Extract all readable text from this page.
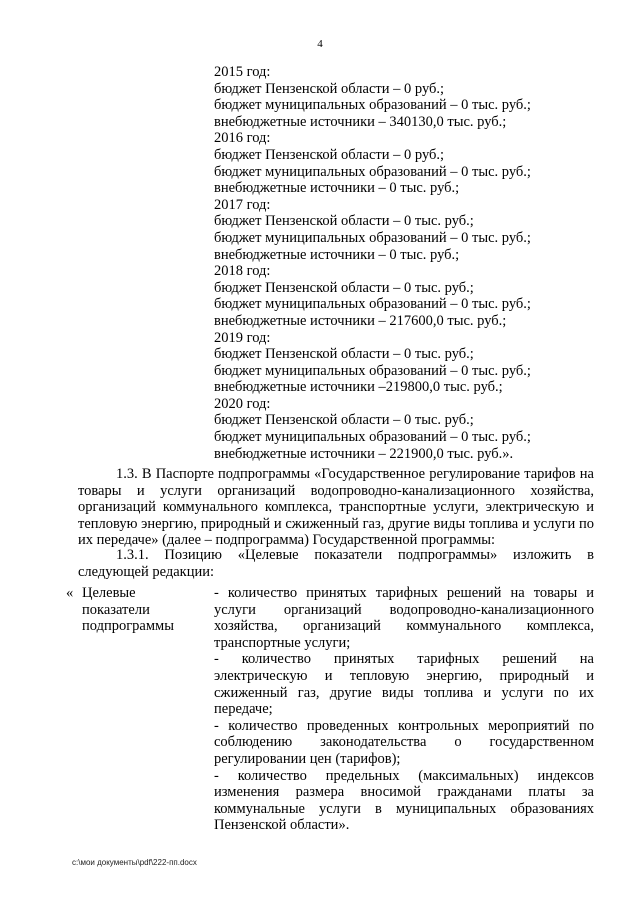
4
2015 год:
бюджет Пензенской области – 0 руб.;
бюджет муниципальных образований – 0 тыс. руб.;
внебюджетные источники – 340130,0 тыс. руб.;
2016 год:
бюджет Пензенской области – 0 руб.;
бюджет муниципальных образований – 0 тыс. руб.;
внебюджетные источники – 0 тыс. руб.;
2017 год:
бюджет Пензенской области – 0 тыс. руб.;
бюджет муниципальных образований – 0 тыс. руб.;
внебюджетные источники – 0 тыс. руб.;
2018 год:
бюджет Пензенской области – 0 тыс. руб.;
бюджет муниципальных образований – 0 тыс. руб.;
внебюджетные источники – 217600,0 тыс. руб.;
2019 год:
бюджет Пензенской области – 0 тыс. руб.;
бюджет муниципальных образований – 0 тыс. руб.;
внебюджетные источники –219800,0 тыс. руб.;
2020 год:
бюджет Пензенской области – 0 тыс. руб.;
бюджет муниципальных образований – 0 тыс. руб.;
внебюджетные источники – 221900,0 тыс. руб.».
1.3. В Паспорте подпрограммы «Государственное регулирование тарифов на товары и услуги организаций водопроводно-канализационного хозяйства, организаций коммунального комплекса, транспортные услуги, электрическую и тепловую энергию, природный и сжиженный газ, другие виды топлива и услуги по их передаче» (далее – подпрограмма) Государственной программы:
1.3.1. Позицию «Целевые показатели подпрограммы» изложить в следующей редакции:
« Целевые
показатели
подпрограммы

- количество принятых тарифных решений на товары и услуги организаций водопроводно-канализационного хозяйства, организаций коммунального комплекса, транспортные услуги;

- количество принятых тарифных решений на электрическую и тепловую энергию, природный и сжиженный газ, другие виды топлива и услуги по их передаче;

- количество проведенных контрольных мероприятий по соблюдению законодательства о государственном регулировании цен (тарифов);

- количество предельных (максимальных) индексов изменения размера вносимой гражданами платы за коммунальные услуги в муниципальных образованиях Пензенской области».

c:\мои документы\pdf\222-пп.docx
